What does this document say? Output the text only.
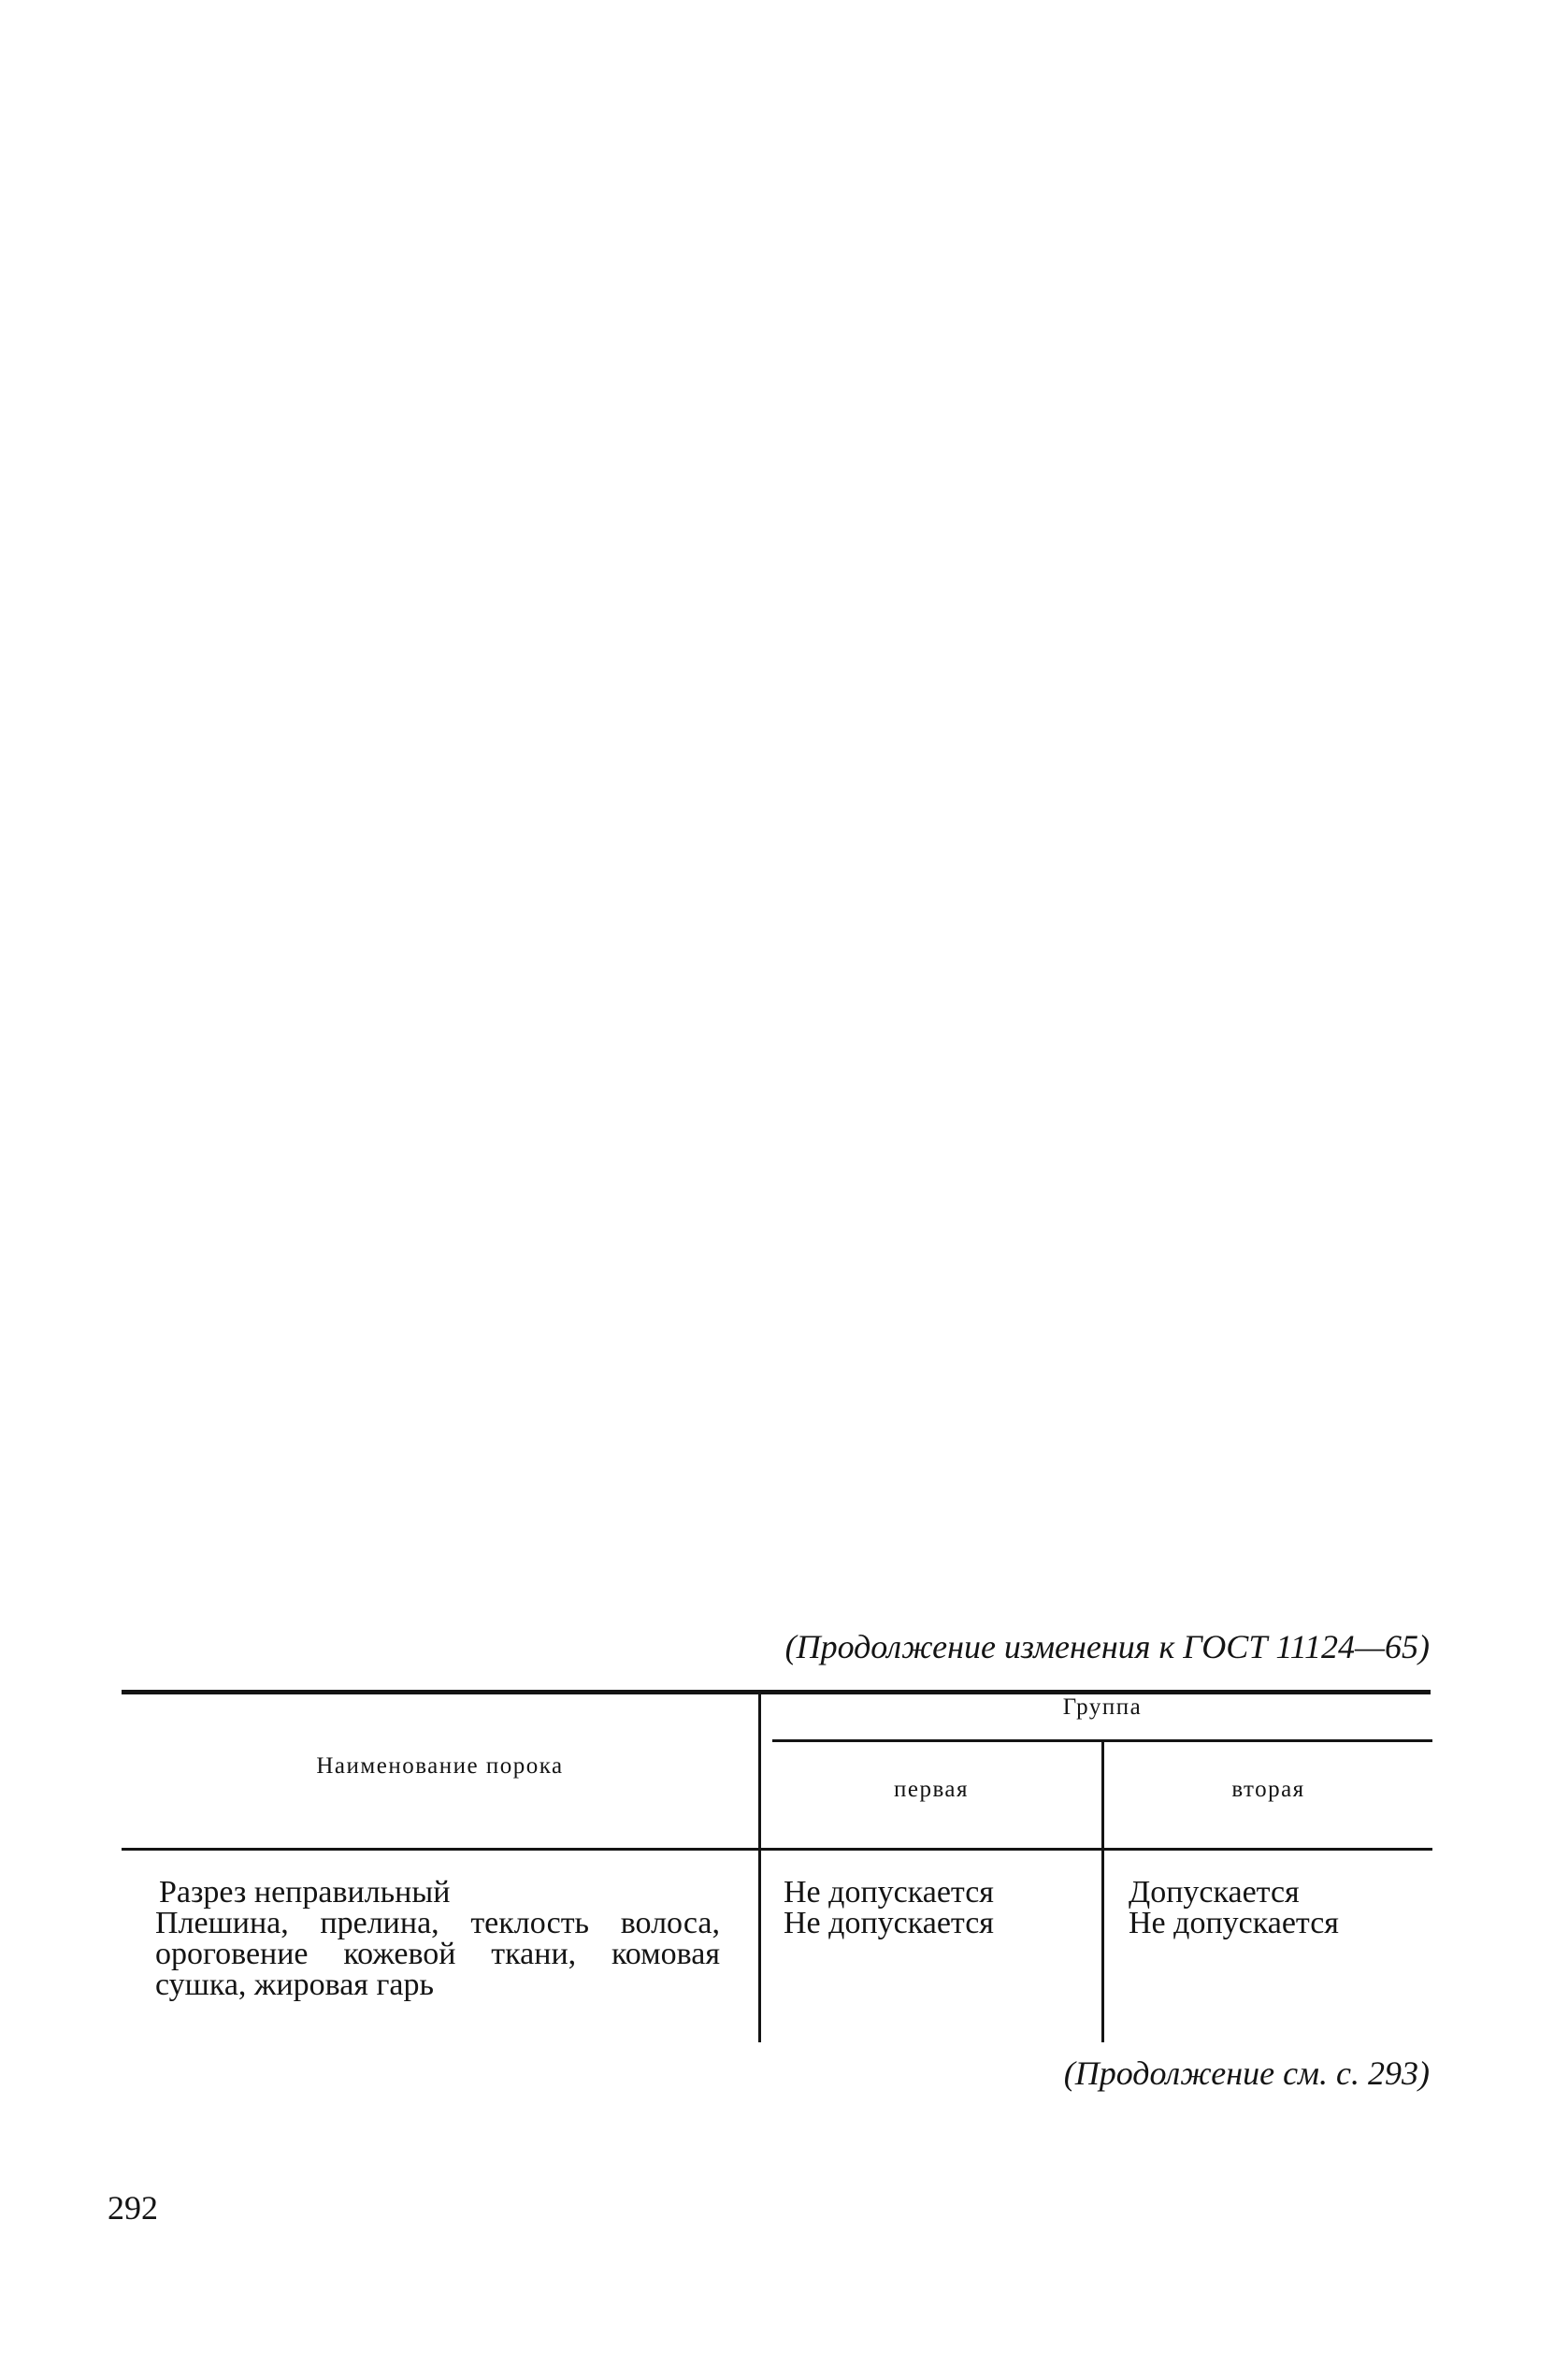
(Продолжение изменения к ГОСТ 11124—65)
Наименование порока
Группа
первая	вторая

Разрез неправильный

Плешина, прелина, теклость волоса, ороговение кожевой ткани, комовая сушка, жировая гарь

Не допускается
Не допускается
Допускается
Не допускается
(Продолжение см. с. 293)
292
